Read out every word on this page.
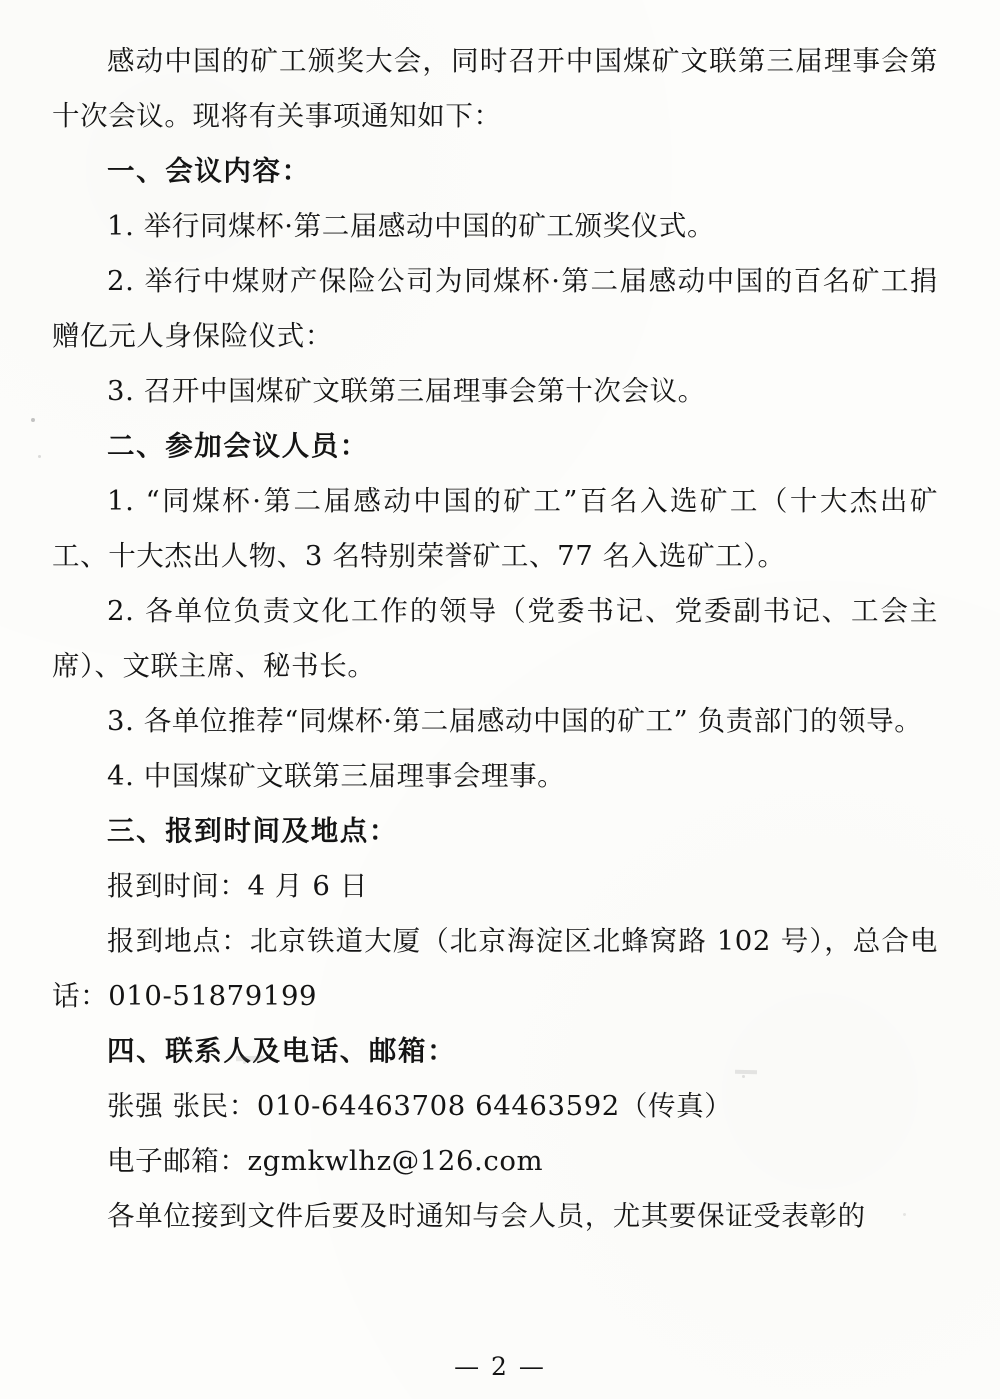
感动中国的矿工颁奖大会，同时召开中国煤矿文联第三届理事会第十次会议。现将有关事项通知如下：

一、会议内容：

1. 举行同煤杯·第二届感动中国的矿工颁奖仪式。

2. 举行中煤财产保险公司为同煤杯·第二届感动中国的百名矿工捐赠亿元人身保险仪式：

3. 召开中国煤矿文联第三届理事会第十次会议。

二、参加会议人员：

1. “同煤杯·第二届感动中国的矿工”百名入选矿工（十大杰出矿工、十大杰出人物、3 名特别荣誉矿工、77 名入选矿工）。

2. 各单位负责文化工作的领导（党委书记、党委副书记、工会主席）、文联主席、秘书长。

3. 各单位推荐“同煤杯·第二届感动中国的矿工” 负责部门的领导。

4. 中国煤矿文联第三届理事会理事。

三、报到时间及地点：

报到时间：4 月 6 日

报到地点：北京铁道大厦（北京海淀区北蜂窝路 102 号），总合电话：010-51879199

四、联系人及电话、邮箱：

张强 张民：010-64463708 64463592（传真）

电子邮箱：zgmkwlhz@126.com

各单位接到文件后要及时通知与会人员，尤其要保证受表彰的

— 2 —
